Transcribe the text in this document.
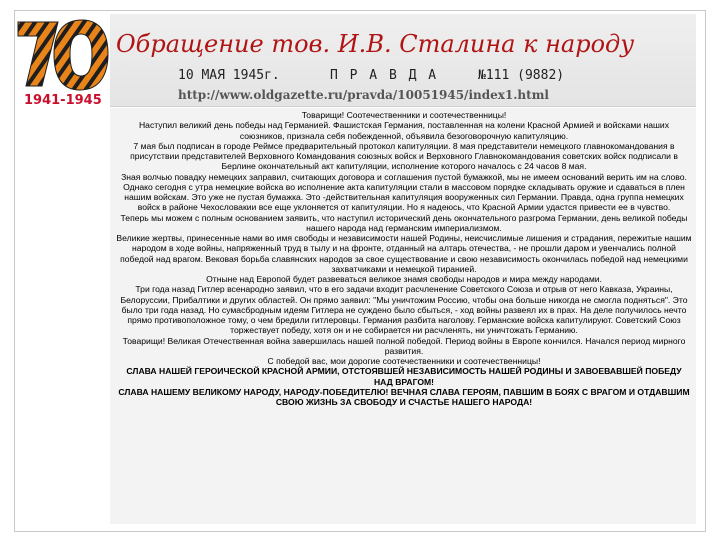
1941-1945
Обращение тов. И.В. Сталина к народу
10 МАЯ 1945г.	П Р А В Д А	№111 (9882)
http://www.oldgazette.ru/pravda/10051945/index1.html

Товарищи! Соотечественники и соотечественницы!

Наступил великий день победы над Германией. Фашистская Германия, поставленная на колени Красной Армией и войсками наших союзников, признала себя побежденной, объявила безоговорочную капитуляцию.

7 мая был подписан в городе Реймсе предварительный протокол капитуляции. 8 мая представители немецкого главнокомандования в присутствии представителей Верховного Командования союзных войск и Верховного Главнокомандования советских войск подписали в Берлине окончательный акт капитуляции, исполнение которого началось с 24 часов 8 мая.

Зная волчью повадку немецких заправил, считающих договора и соглашения пустой бумажкой, мы не имеем оснований верить им на слово. Однако сегодня с утра немецкие войска во исполнение акта капитуляции стали в массовом порядке складывать оружие и сдаваться в плен нашим войскам. Это уже не пустая бумажка. Это -действительная капитуляция вооруженных сил Германии. Правда, одна группа немецких войск в районе Чехословакии все еще уклоняется от капитуляции. Но я надеюсь, что Красной Армии удастся привести ее в чувство.

Теперь мы можем с полным основанием заявить, что наступил исторический день окончательного разгрома Германии, день великой победы нашего народа над германским империализмом.

Великие жертвы, принесенные нами во имя свободы и независимости нашей Родины, неисчислимые лишения и страдания, пережитые нашим народом в ходе войны, напряженный труд в тылу и на фронте, отданный на алтарь отечества, - не прошли даром и увенчались полной победой над врагом. Вековая борьба славянских народов за свое существование и свою независимость окончилась победой над немецкими захватчиками и немецкой тиранией.

Отныне над Европой будет развеваться великое знамя свободы народов и мира между народами.

Три года назад Гитлер всенародно заявил, что в его задачи входит расчленение Советского Союза и отрыв от него Кавказа, Украины, Белоруссии, Прибалтики и других областей. Он прямо заявил: "Мы уничтожим Россию, чтобы она больше никогда не смогла подняться". Это было три года назад. Но сумасбродным идеям Гитлера не суждено было сбыться, - ход войны развеял их в прах. На деле получилось нечто прямо противоположное тому, о чем бредили гитлеровцы. Германия разбита наголову. Германские войска капитулируют. Советский Союз торжествует победу, хотя он и не собирается ни расчленять, ни уничтожать Германию.

Товарищи! Великая Отечественная война завершилась нашей полной победой. Период войны в Европе кончился. Начался период мирного развития.

С победой вас, мои дорогие соотечественники и соотечественницы!

СЛАВА НАШЕЙ ГЕРОИЧЕСКОЙ КРАСНОЙ АРМИИ, ОТСТОЯВШЕЙ НЕЗАВИСИМОСТЬ НАШЕЙ РОДИНЫ И ЗАВОЕВАВШЕЙ ПОБЕДУ НАД ВРАГОМ!

СЛАВА НАШЕМУ ВЕЛИКОМУ НАРОДУ, НАРОДУ-ПОБЕДИТЕЛЮ! ВЕЧНАЯ СЛАВА ГЕРОЯМ, ПАВШИМ В БОЯХ С ВРАГОМ И ОТДАВШИМ СВОЮ ЖИЗНЬ ЗА СВОБОДУ И СЧАСТЬЕ НАШЕГО НАРОДА!
